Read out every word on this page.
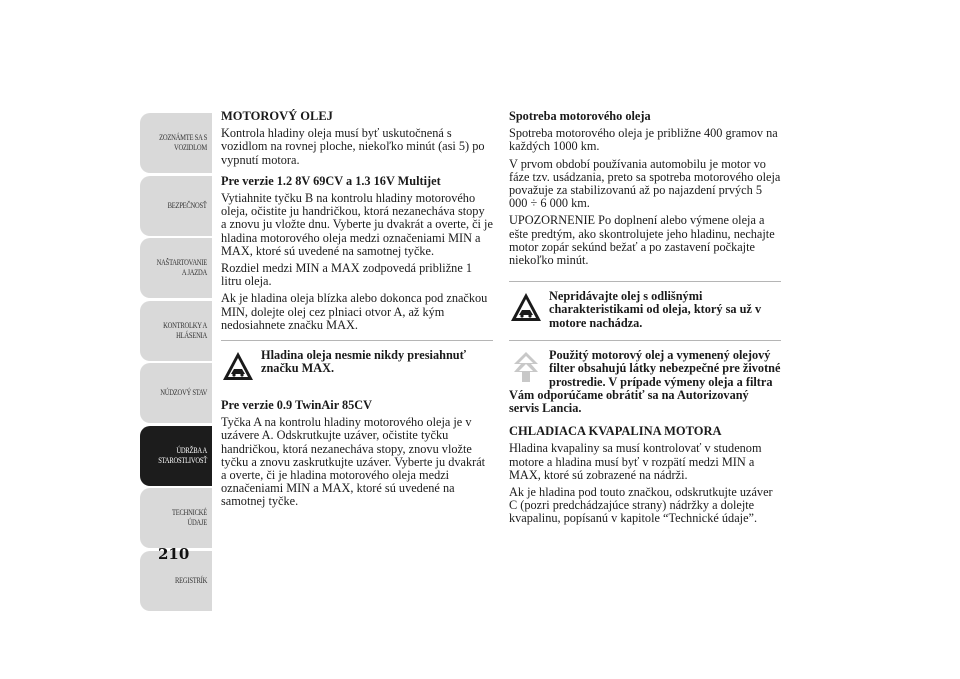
ZOZNÁMTE SA S VOZIDLOM
BEZPEČNOSŤ
NAŠTARTOVANIE A JAZDA
KONTROLKY A HLÁSENIA
NÚDZOVÝ STAV
ÚDRŽBA A STAROSTLIVOSŤ
TECHNICKÉ ÚDAJE
REGISTRÍK
210
MOTOROVÝ OLEJ

Kontrola hladiny oleja musí byť uskutočnená s vozidlom na rovnej ploche, niekoľko minút (asi 5) po vypnutí motora.

Pre verzie 1.2 8V 69CV a 1.3 16V Multijet

Vytiahnite tyčku B na kontrolu hladiny motorového oleja, očistite ju handričkou, ktorá nezanecháva stopy a znovu ju vložte dnu. Vyberte ju dvakrát a overte, či je hladina motorového oleja medzi označeniami MIN a MAX, ktoré sú uvedené na samotnej tyčke.

Rozdiel medzi MIN a MAX zodpovedá približne 1 litru oleja.

Ak je hladina oleja blízka alebo dokonca pod značkou MIN, dolejte olej cez plniaci otvor A, až kým nedosiahnete značku MAX.

Hladina oleja nesmie nikdy presiahnuť značku MAX.
Pre verzie 0.9 TwinAir 85CV

Tyčka A na kontrolu hladiny motorového oleja je v uzávere A. Odskrutkujte uzáver, očistite tyčku handričkou, ktorá nezanecháva stopy, znovu vložte tyčku a znovu zaskrutkujte uzáver. Vyberte ju dvakrát a overte, či je hladina motorového oleja medzi označeniami MIN a MAX, ktoré sú uvedené na samotnej tyčke.

Spotreba motorového oleja

Spotreba motorového oleja je približne 400 gramov na každých 1000 km.

V prvom období používania automobilu je motor vo fáze tzv. usádzania, preto sa spotreba motorového oleja považuje za stabilizovanú až po najazdení prvých 5 000 ÷ 6 000 km.

UPOZORNENIE Po doplnení alebo výmene oleja a ešte predtým, ako skontrolujete jeho hladinu, nechajte motor zopár sekúnd bežať a po zastavení počkajte niekoľko minút.

Nepridávajte olej s odlišnými charakteristikami od oleja, ktorý sa už v motore nachádza.
Použitý motorový olej a vymenený olejový filter obsahujú látky nebezpečné pre životné prostredie. V prípade výmeny oleja a filtra Vám odporúčame obrátiť sa na Autorizovaný servis Lancia.
CHLADIACA KVAPALINA MOTORA

Hladina kvapaliny sa musí kontrolovať v studenom motore a hladina musí byť v rozpätí medzi MIN a MAX, ktoré sú zobrazené na nádrži.

Ak je hladina pod touto značkou, odskrutkujte uzáver C (pozri predchádzajúce strany) nádržky a dolejte kvapalinu, popísanú v kapitole “Technické údaje”.
